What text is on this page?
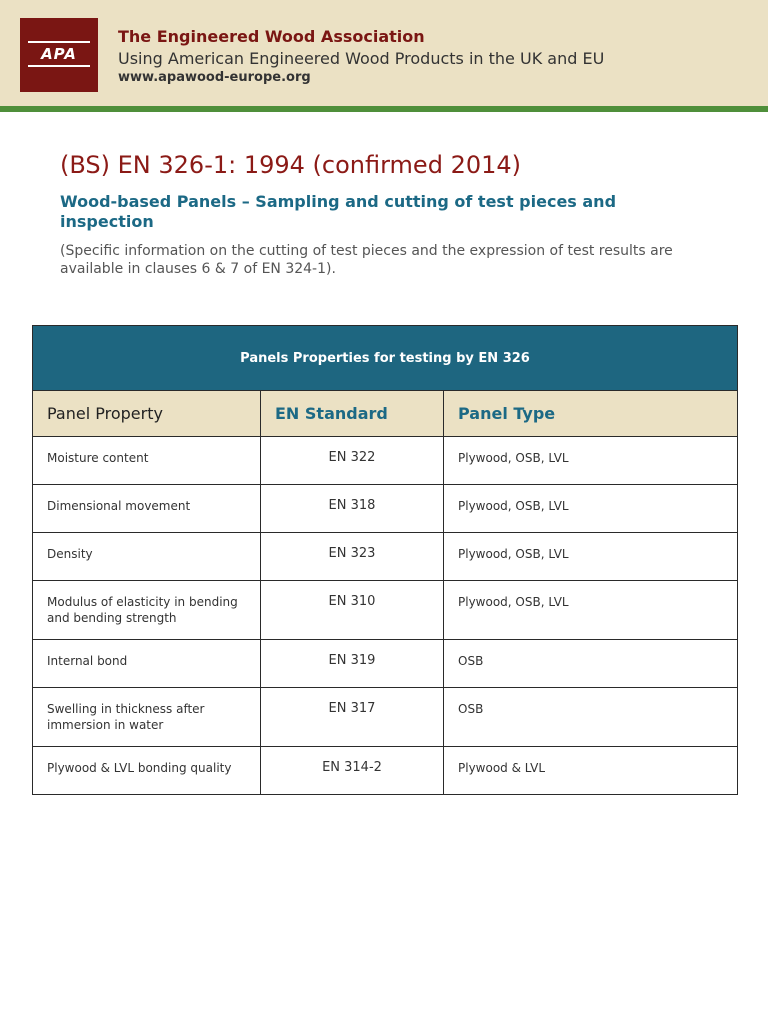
APA
The Engineered Wood Association
Using American Engineered Wood Products in the UK and EU
www.apawood-europe.org
(BS) EN 326-1: 1994 (confirmed 2014)
Wood-based Panels – Sampling and cutting of test pieces and inspection
(Specific information on the cutting of test pieces and the expression of test results are available in clauses 6 & 7 of EN 324-1).
Panels Properties for testing by EN 326		
Panel Property	EN Standard	Panel Type
Moisture content	EN 322	Plywood, OSB, LVL
Dimensional movement	EN 318	Plywood, OSB, LVL
Density	EN 323	Plywood, OSB, LVL
Modulus of elasticity in bending and bending strength	EN 310	Plywood, OSB, LVL
Internal bond	EN 319	OSB
Swelling in thickness after immersion in water	EN 317	OSB
Plywood & LVL bonding quality	EN 314-2	Plywood & LVL
